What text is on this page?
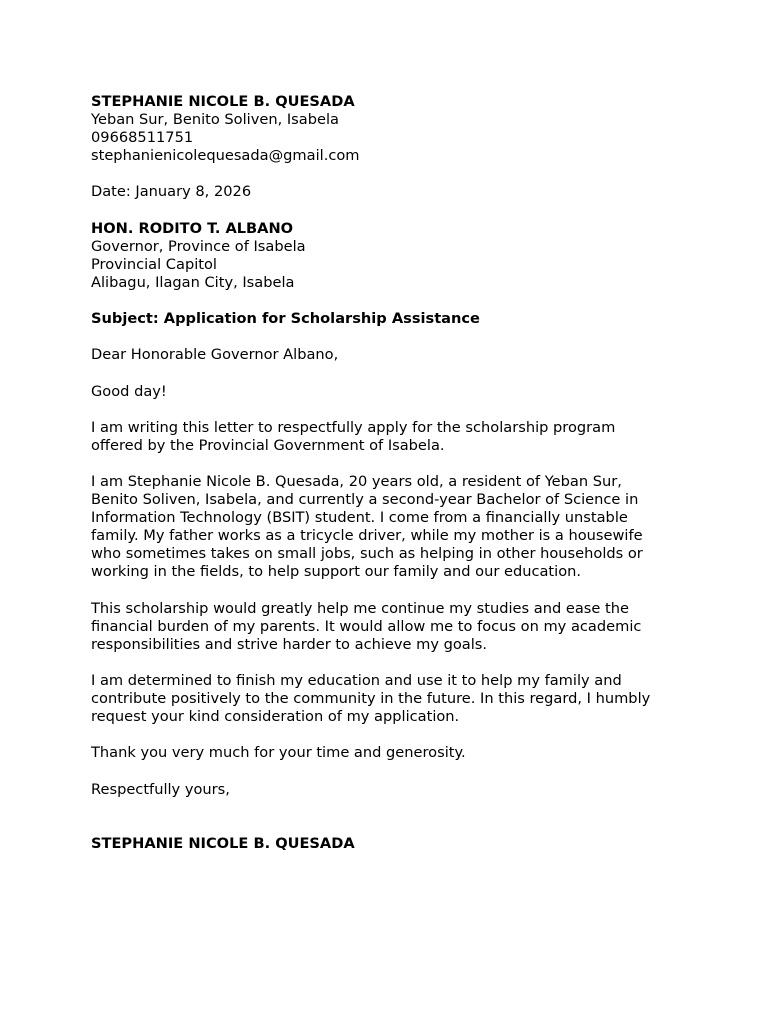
STEPHANIE NICOLE B. QUESADA
Yeban Sur, Benito Soliven, Isabela
09668511751
stephanienicolequesada@gmail.com
Date: January 8, 2026
HON. RODITO T. ALBANO
Governor, Province of Isabela
Provincial Capitol
Alibagu, Ilagan City, Isabela
Subject: Application for Scholarship Assistance
Dear Honorable Governor Albano,
Good day!
I am writing this letter to respectfully apply for the scholarship program
offered by the Provincial Government of Isabela.
I am Stephanie Nicole B. Quesada, 20 years old, a resident of Yeban Sur,
Benito Soliven, Isabela, and currently a second-year Bachelor of Science in
Information Technology (BSIT) student. I come from a financially unstable
family. My father works as a tricycle driver, while my mother is a housewife
who sometimes takes on small jobs, such as helping in other households or
working in the fields, to help support our family and our education.
This scholarship would greatly help me continue my studies and ease the
financial burden of my parents. It would allow me to focus on my academic
responsibilities and strive harder to achieve my goals.
I am determined to finish my education and use it to help my family and
contribute positively to the community in the future. In this regard, I humbly
request your kind consideration of my application.
Thank you very much for your time and generosity.
Respectfully yours,
STEPHANIE NICOLE B. QUESADA
